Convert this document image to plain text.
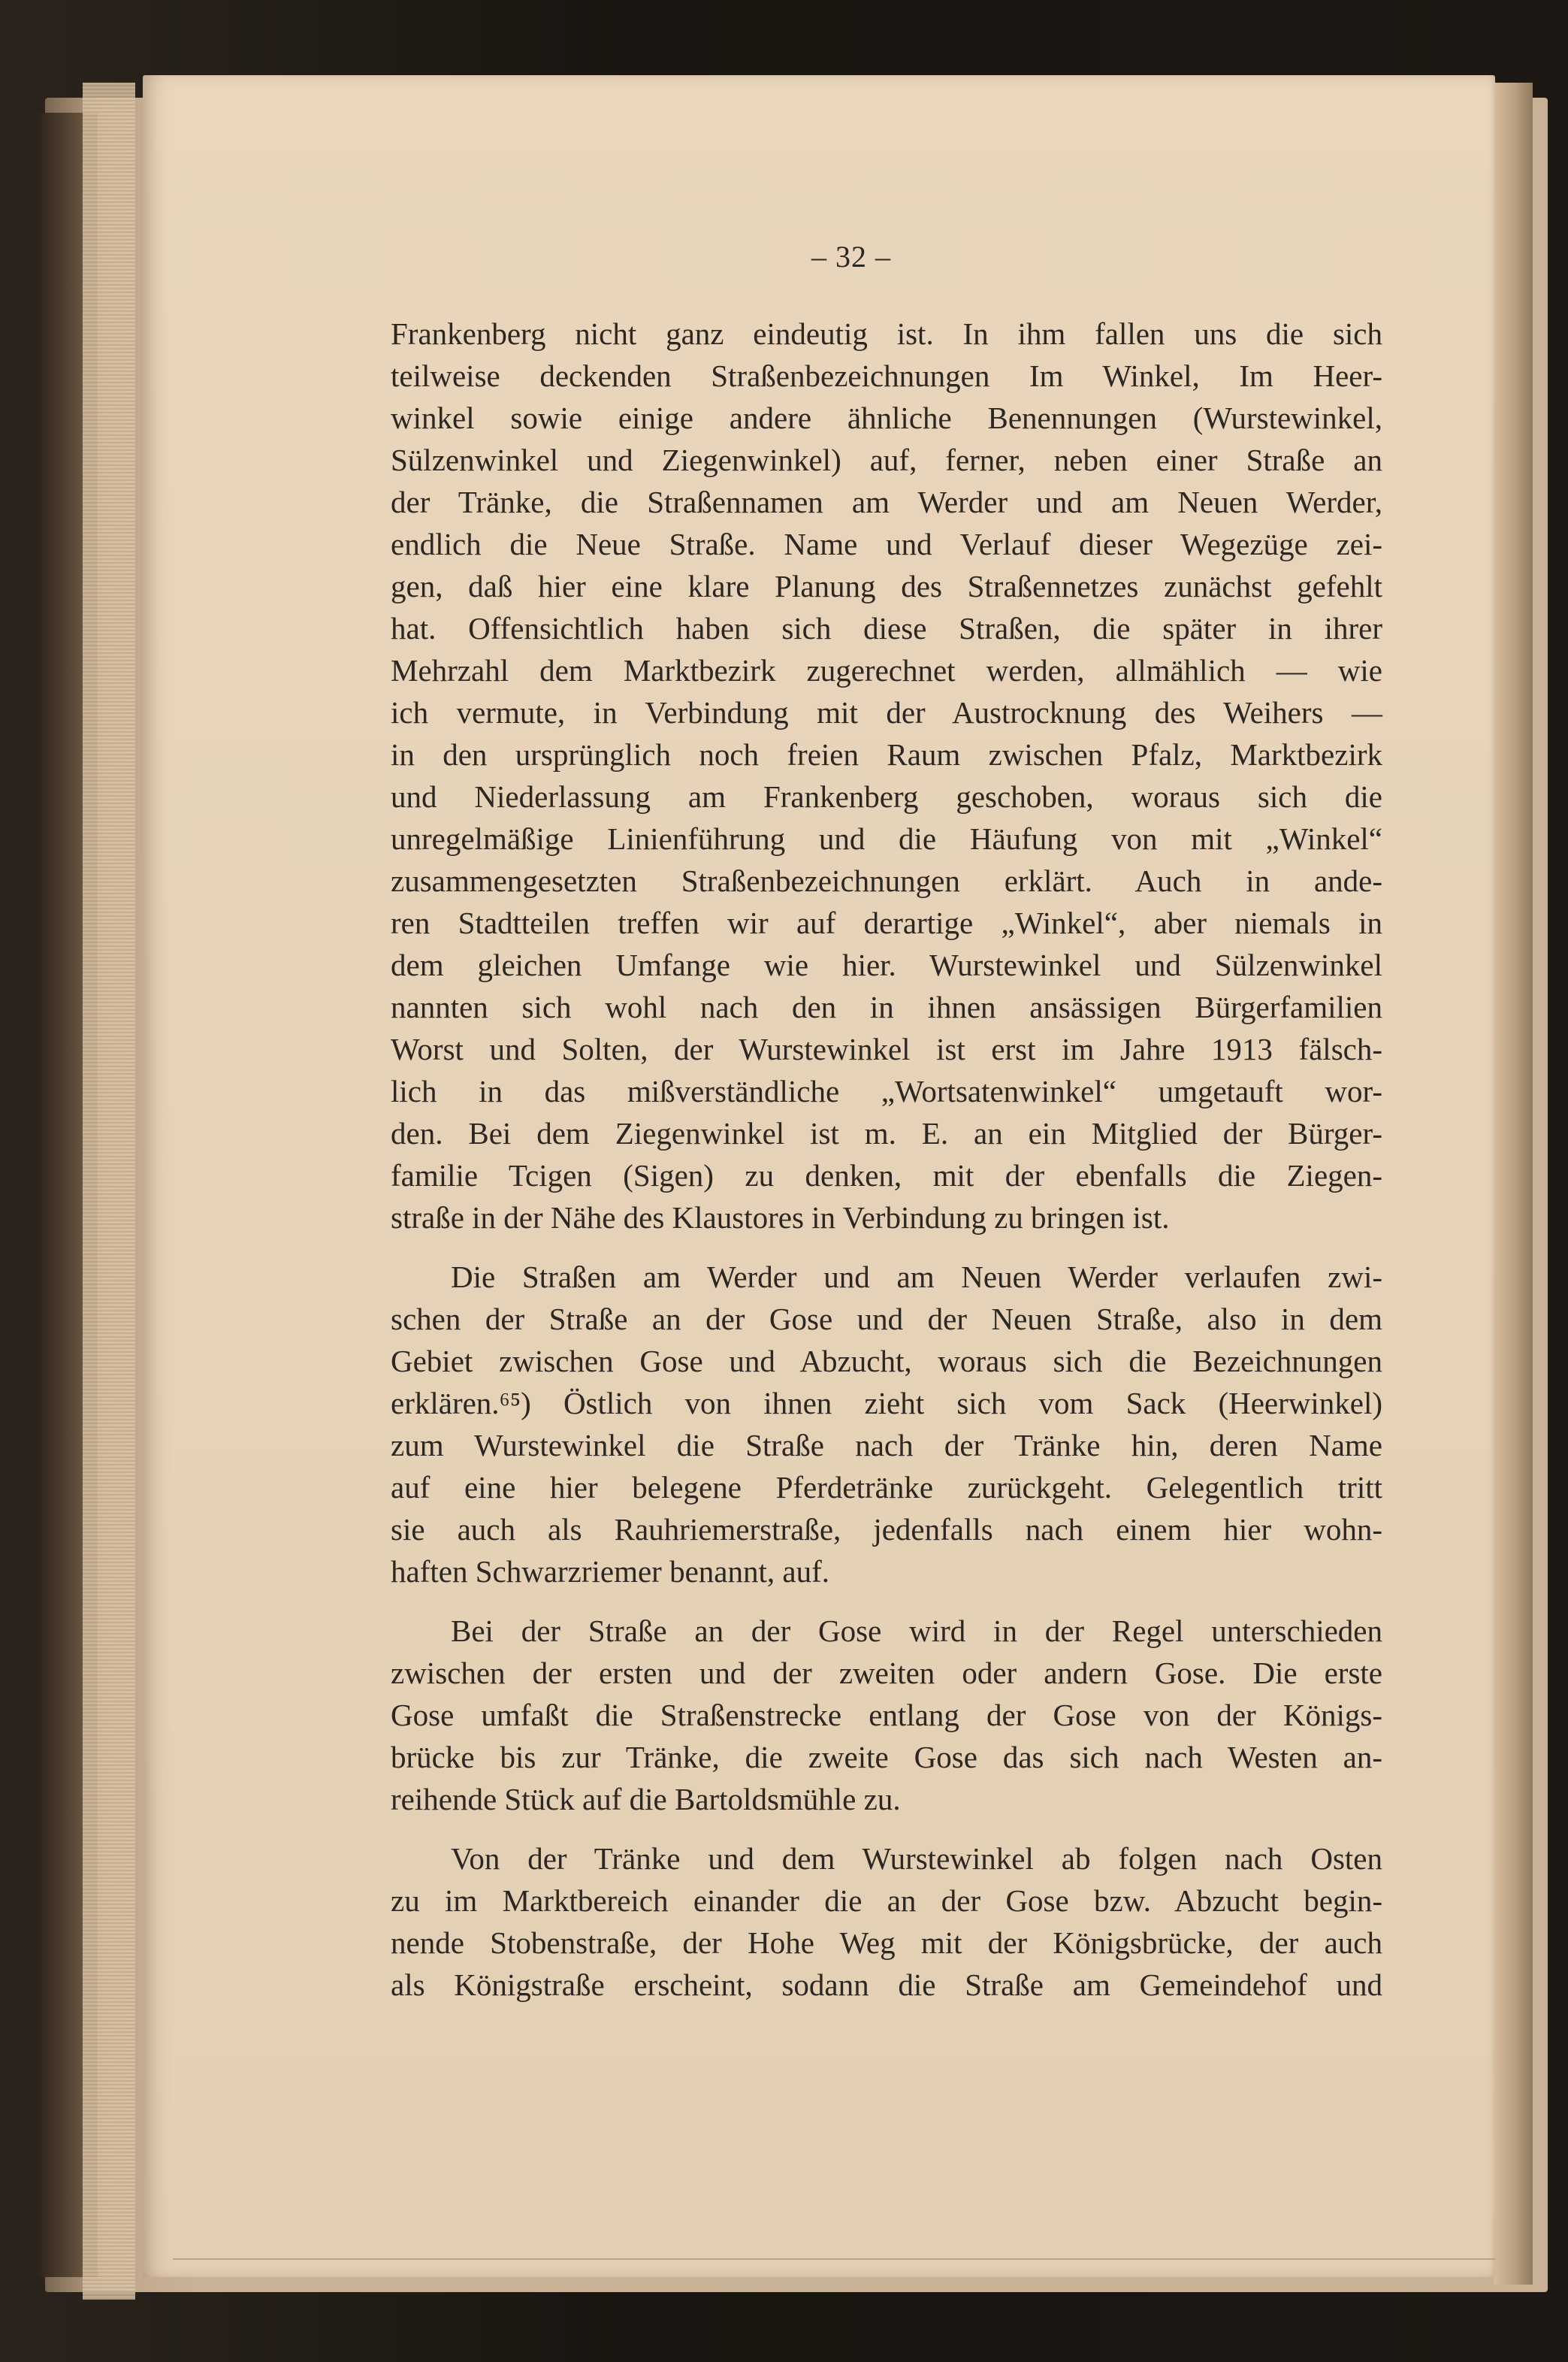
– 32 –
Frankenberg nicht ganz eindeutig ist. In ihm fallen uns die sich
teilweise deckenden Straßenbezeichnungen Im Winkel, Im Heer-
winkel sowie einige andere ähnliche Benennungen (Wurstewinkel,
Sülzenwinkel und Ziegenwinkel) auf, ferner, neben einer Straße an
der Tränke, die Straßennamen am Werder und am Neuen Werder,
endlich die Neue Straße. Name und Verlauf dieser Wegezüge zei-
gen, daß hier eine klare Planung des Straßennetzes zunächst gefehlt
hat. Offensichtlich haben sich diese Straßen, die später in ihrer
Mehrzahl dem Marktbezirk zugerechnet werden, allmählich — wie
ich vermute, in Verbindung mit der Austrocknung des Weihers —
in den ursprünglich noch freien Raum zwischen Pfalz, Marktbezirk
und Niederlassung am Frankenberg geschoben, woraus sich die
unregelmäßige Linienführung und die Häufung von mit „Winkel“
zusammengesetzten Straßenbezeichnungen erklärt. Auch in ande-
ren Stadtteilen treffen wir auf derartige „Winkel“, aber niemals in
dem gleichen Umfange wie hier. Wurstewinkel und Sülzenwinkel
nannten sich wohl nach den in ihnen ansässigen Bürgerfamilien
Worst und Solten, der Wurstewinkel ist erst im Jahre 1913 fälsch-
lich in das mißverständliche „Wortsatenwinkel“ umgetauft wor-
den. Bei dem Ziegenwinkel ist m. E. an ein Mitglied der Bürger-
familie Tcigen (Sigen) zu denken, mit der ebenfalls die Ziegen-
straße in der Nähe des Klaustores in Verbindung zu bringen ist.
Die Straßen am Werder und am Neuen Werder verlaufen zwi-
schen der Straße an der Gose und der Neuen Straße, also in dem
Gebiet zwischen Gose und Abzucht, woraus sich die Bezeichnungen
erklären.⁶⁵) Östlich von ihnen zieht sich vom Sack (Heerwinkel)
zum Wurstewinkel die Straße nach der Tränke hin, deren Name
auf eine hier belegene Pferdetränke zurückgeht. Gelegentlich tritt
sie auch als Rauhriemerstraße, jedenfalls nach einem hier wohn-
haften Schwarzriemer benannt, auf.
Bei der Straße an der Gose wird in der Regel unterschieden
zwischen der ersten und der zweiten oder andern Gose. Die erste
Gose umfaßt die Straßenstrecke entlang der Gose von der Königs-
brücke bis zur Tränke, die zweite Gose das sich nach Westen an-
reihende Stück auf die Bartoldsmühle zu.
Von der Tränke und dem Wurstewinkel ab folgen nach Osten
zu im Marktbereich einander die an der Gose bzw. Abzucht begin-
nende Stobenstraße, der Hohe Weg mit der Königsbrücke, der auch
als Königstraße erscheint, sodann die Straße am Gemeindehof und
